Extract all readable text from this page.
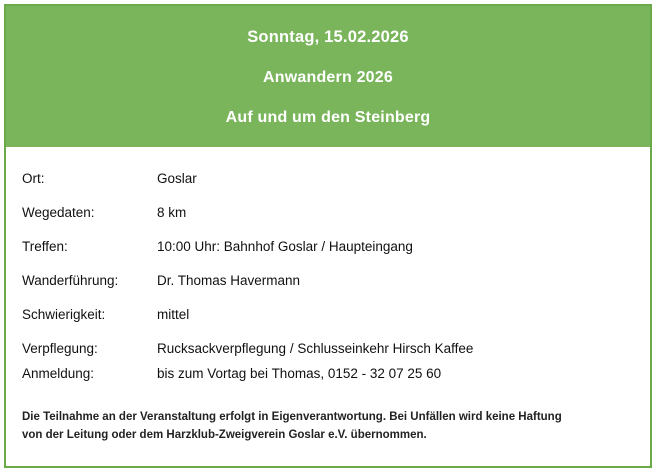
Sonntag, 15.02.2026
Anwandern 2026
Auf und um den Steinberg
Ort:	Goslar
Wegedaten:	8 km
Treffen:	10:00 Uhr: Bahnhof Goslar / Haupteingang
Wanderführung:	Dr. Thomas Havermann
Schwierigkeit:	mittel
Verpflegung:	Rucksackverpflegung / Schlusseinkehr Hirsch Kaffee
Anmeldung:	bis zum Vortag bei Thomas, 0152 - 32 07 25 60
Die Teilnahme an der Veranstaltung erfolgt in Eigenverantwortung. Bei Unfällen wird keine Haftung
von der Leitung oder dem Harzklub-Zweigverein Goslar e.V. übernommen.
